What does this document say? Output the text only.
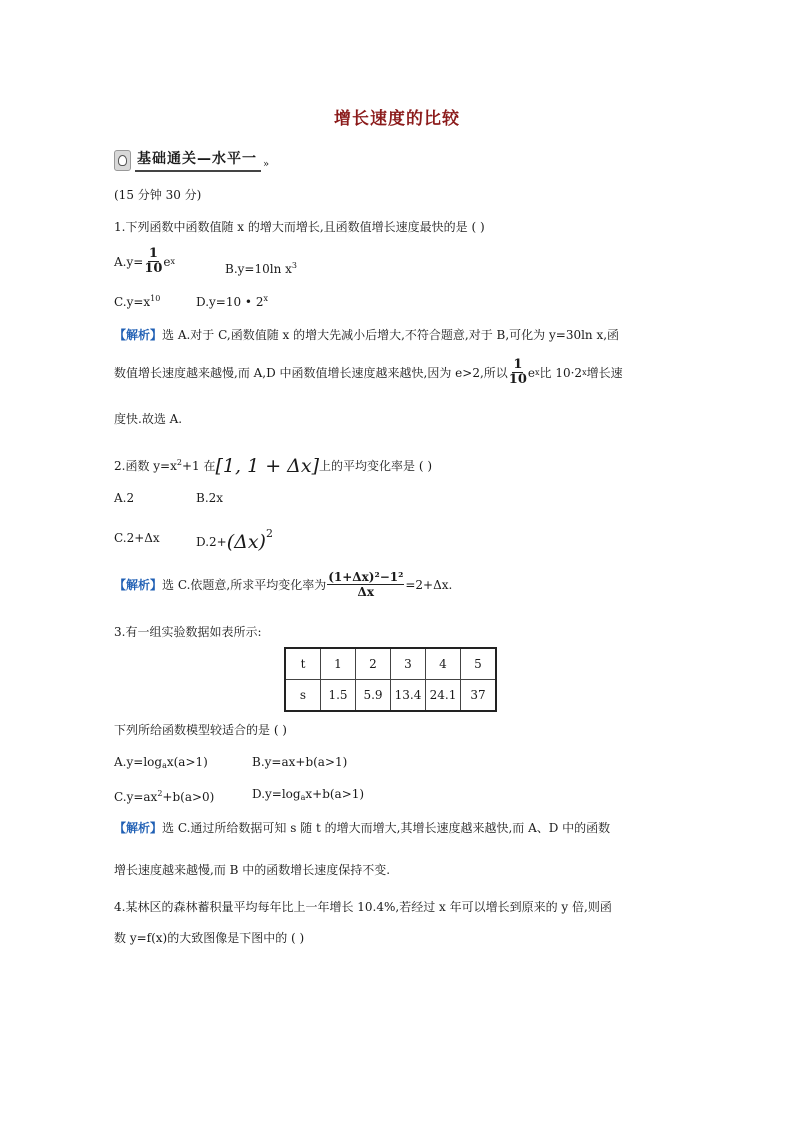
增长速度的比较
基础通关—水平一 »
(15 分钟 30 分)
1.下列函数中函数值随 x 的增大而增长,且函数值增长速度最快的是 ( )
$A.y= \frac{1}{10}$ e x
B.y=10ln $x^3$
$C.y=x^{10}$	D.y=10 • 2$^x$
【解析】选 A.对于 C,函数值随 x 的增大先减小后增大,不符合题意,对于 B,可化为 y=30ln x,函
数值增长速度越来越慢,而 A,D 中函数值增长速度越来越快,因为 e>2,所以 $\frac{1}{10}$ e x 比 10·2 x 增长速
度快.故选 A.
2.函数 $y=x^2+1$ 在[1, 1 + Δx]上的平均变化率是 ( )
A.2	B.2x
C.2+Δx	$D.2+(\Delta x)^2$
【解析】 选 C.依题意,所求平均变化率为 $\frac{\text{(1+Δx)²−1²}}{\Delta x} =2+\Delta x$.
3.有一组实验数据如表所示:
t	1	2	3	4	5
s	1.5	5.9	13.4	24.1	37
下列所给函数模型较适合的是 ( )
$A.y=\log_ax(a>1)$	B.y=ax+b(a>1)
$C.y=ax^2+b(a>0)$	$D.y=\log_ax+b(a>1)$
【解析】选 C.通过所给数据可知 s 随 t 的增大而增大,其增长速度越来越快,而 A、D 中的函数
增长速度越来越慢,而 B 中的函数增长速度保持不变.
4.某林区的森林蓄积量平均每年比上一年增长 10.4%,若经过 x 年可以增长到原来的 y 倍,则函
数 y=f(x)的大致图像是下图中的 ( )
